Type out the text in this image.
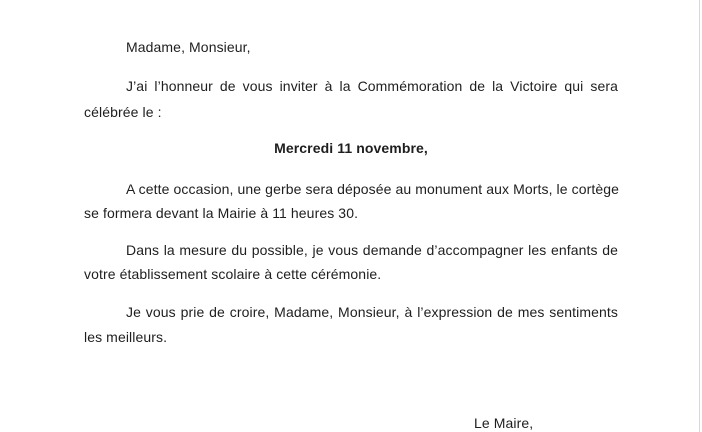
Madame, Monsieur,
J’ai l’honneur de vous inviter à la Commémoration de la Victoire qui sera
célébrée le :
Mercredi 11 novembre,
A cette occasion, une gerbe sera déposée au monument aux Morts, le cortège
se formera devant la Mairie à 11 heures 30.
Dans la mesure du possible, je vous demande d’accompagner les enfants de
votre établissement scolaire à cette cérémonie.
Je vous prie de croire, Madame, Monsieur, à l’expression de mes sentiments
les meilleurs.
Le Maire,
